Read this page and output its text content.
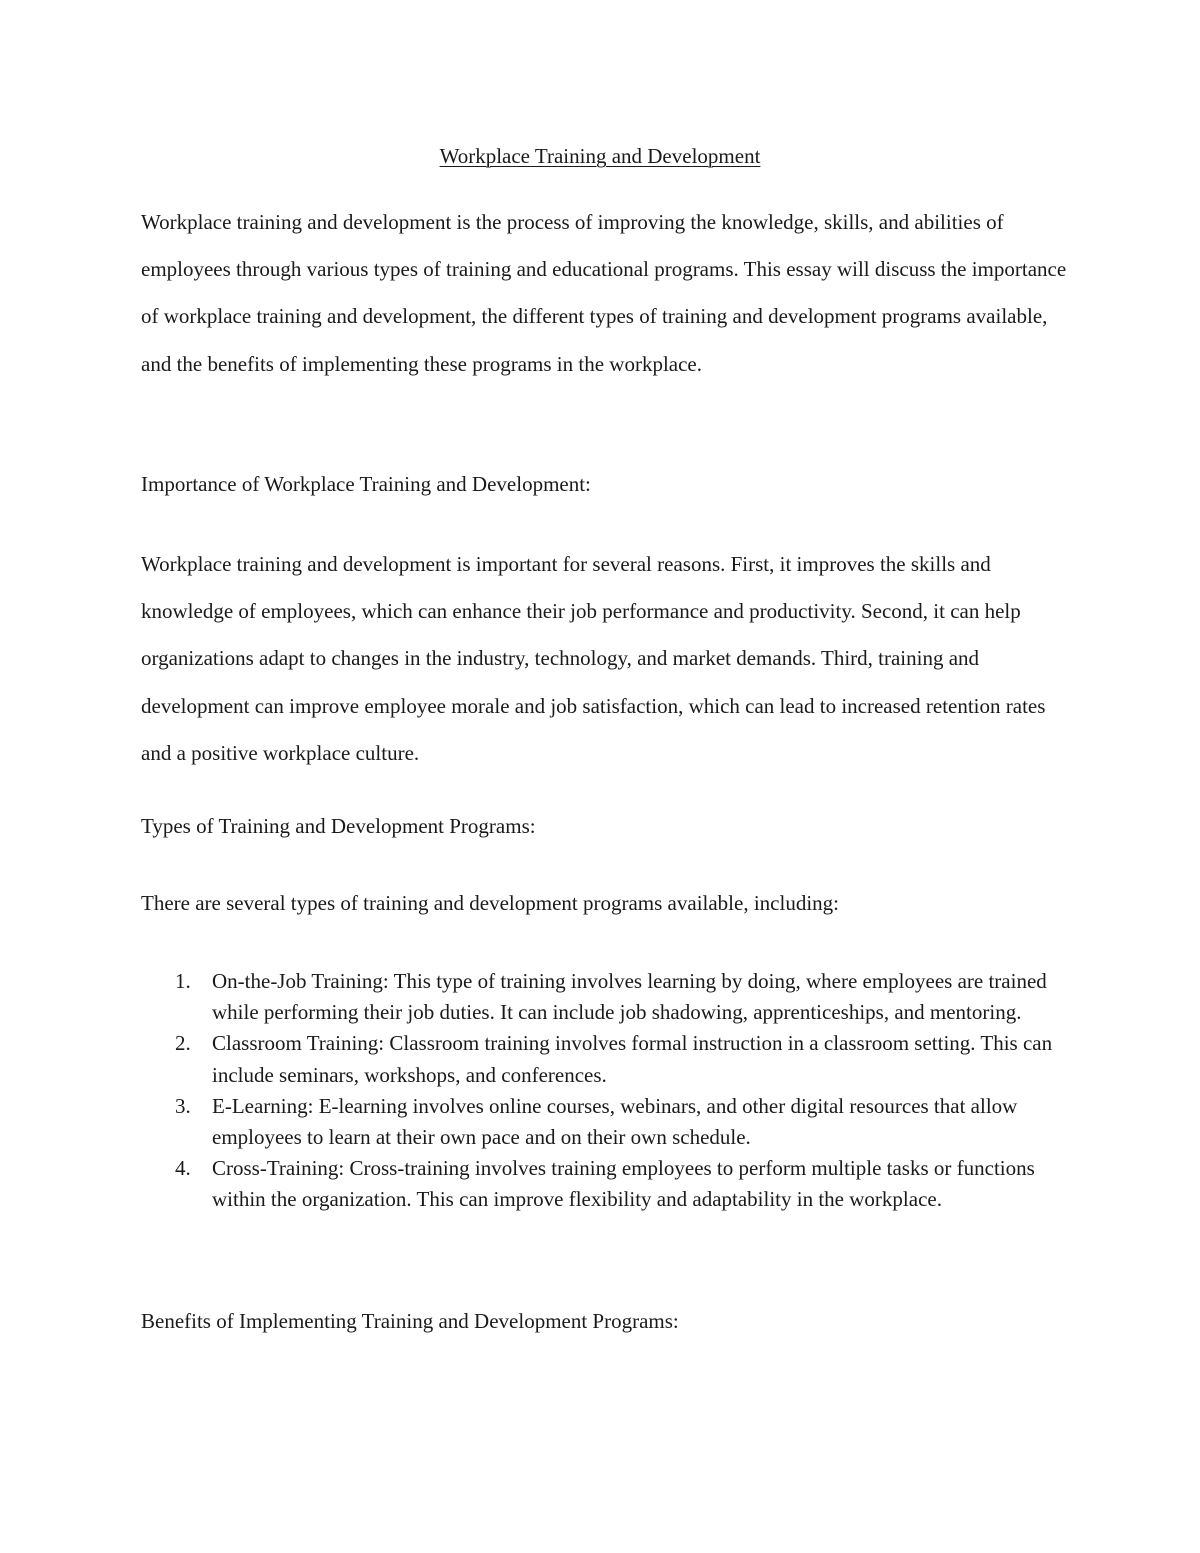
Workplace Training and Development

Workplace training and development is the process of improving the knowledge, skills, and abilities of employees through various types of training and educational programs. This essay will discuss the importance of workplace training and development, the different types of training and development programs available, and the benefits of implementing these programs in the workplace.

Importance of Workplace Training and Development:

Workplace training and development is important for several reasons. First, it improves the skills and knowledge of employees, which can enhance their job performance and productivity. Second, it can help organizations adapt to changes in the industry, technology, and market demands. Third, training and development can improve employee morale and job satisfaction, which can lead to increased retention rates and a positive workplace culture.

Types of Training and Development Programs:

There are several types of training and development programs available, including:

1. On-the-Job Training: This type of training involves learning by doing, where employees are trained while performing their job duties. It can include job shadowing, apprenticeships, and mentoring.
2. Classroom Training: Classroom training involves formal instruction in a classroom setting. This can include seminars, workshops, and conferences.
3. E-Learning: E-learning involves online courses, webinars, and other digital resources that allow employees to learn at their own pace and on their own schedule.
4. Cross-Training: Cross-training involves training employees to perform multiple tasks or functions within the organization. This can improve flexibility and adaptability in the workplace.

Benefits of Implementing Training and Development Programs:
